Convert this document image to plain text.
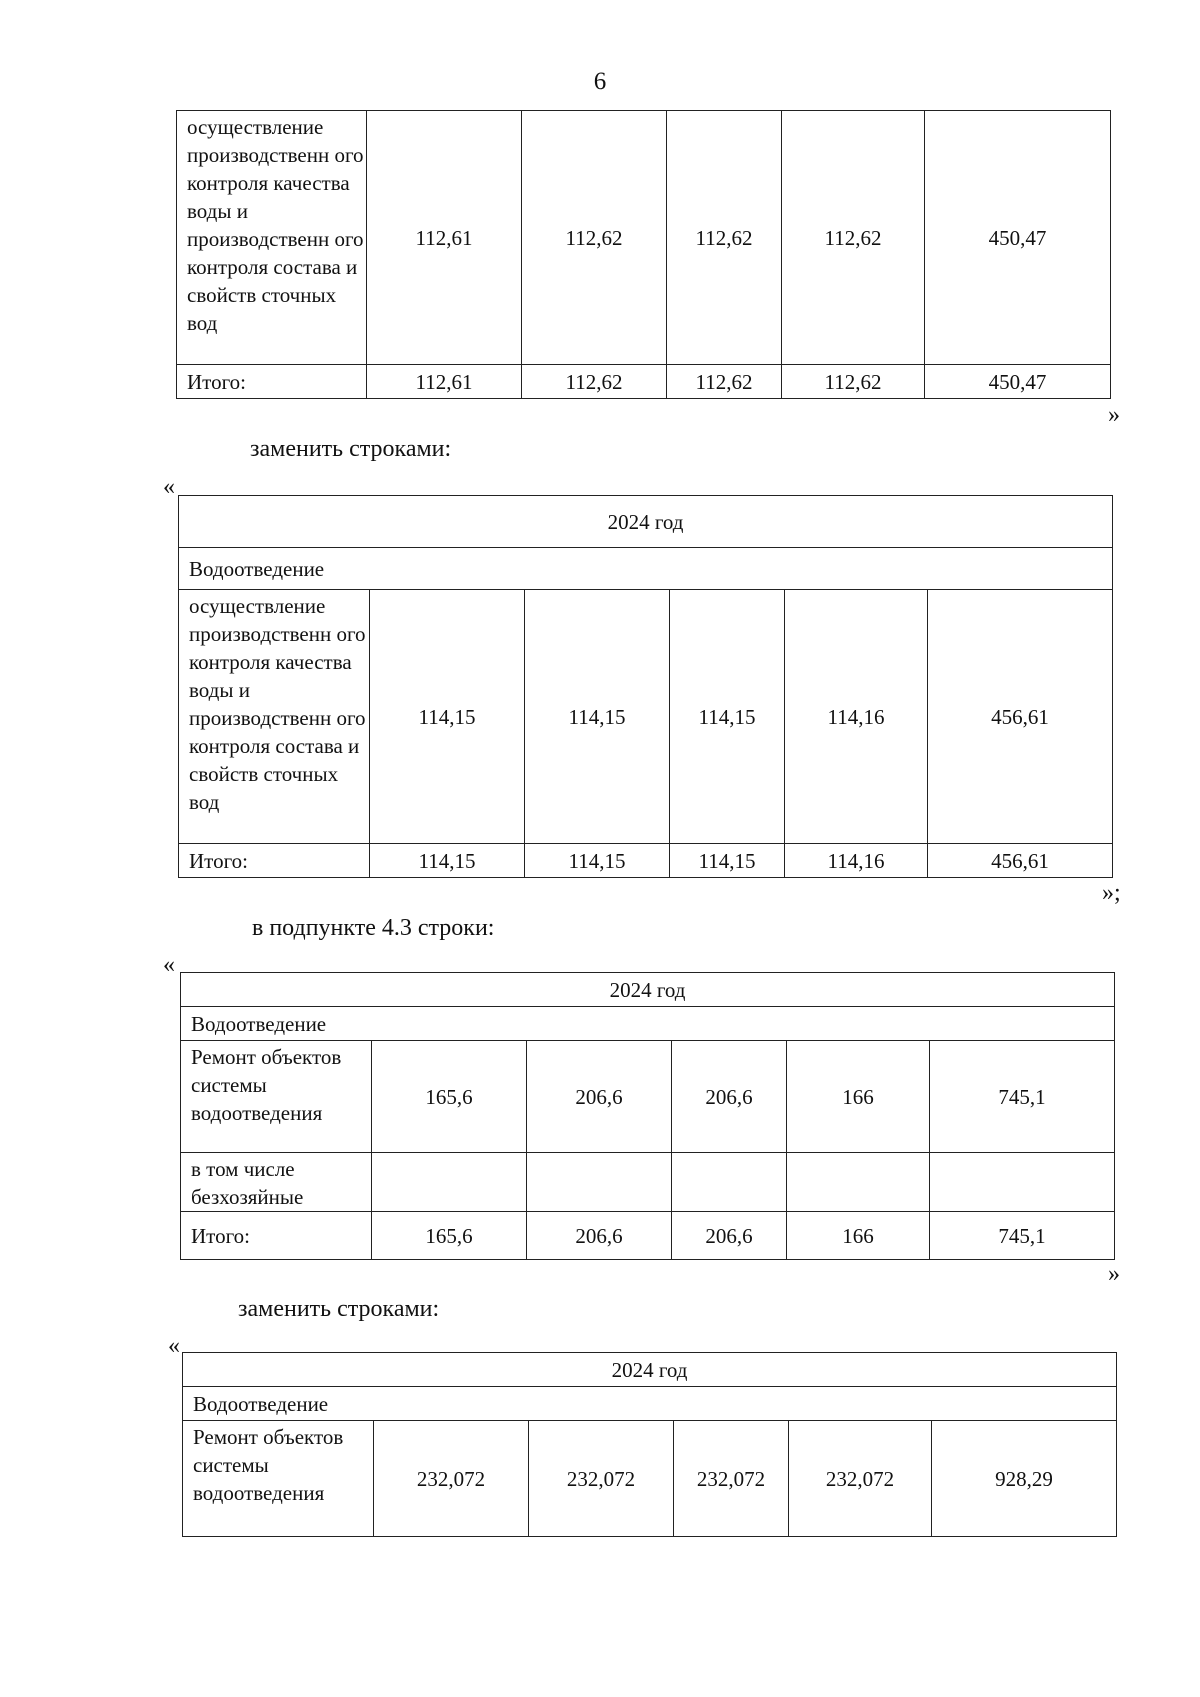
6
осуществление производственн ого контроля качества воды и производственн ого контроля состава и свойств сточных вод	112,61	112,62	112,62	112,62	450,47
Итого:	112,61	112,62	112,62	112,62	450,47
»
заменить строками:
«
2024 год					
Водоотведение					
осуществление производственн ого контроля качества воды и производственн ого контроля состава и свойств сточных вод	114,15	114,15	114,15	114,16	456,61
Итого:	114,15	114,15	114,15	114,16	456,61
»;
в подпункте 4.3 строки:
«
2024 год					
Водоотведение					
Ремонт объектов системы водоотведения	165,6	206,6	206,6	166	745,1
в том числе безхозяйные					
Итого:	165,6	206,6	206,6	166	745,1
»
заменить строками:
«
2024 год
Водоотведение
Ремонт объектов системы водоотведения	232,072	232,072	232,072	232,072	928,29
